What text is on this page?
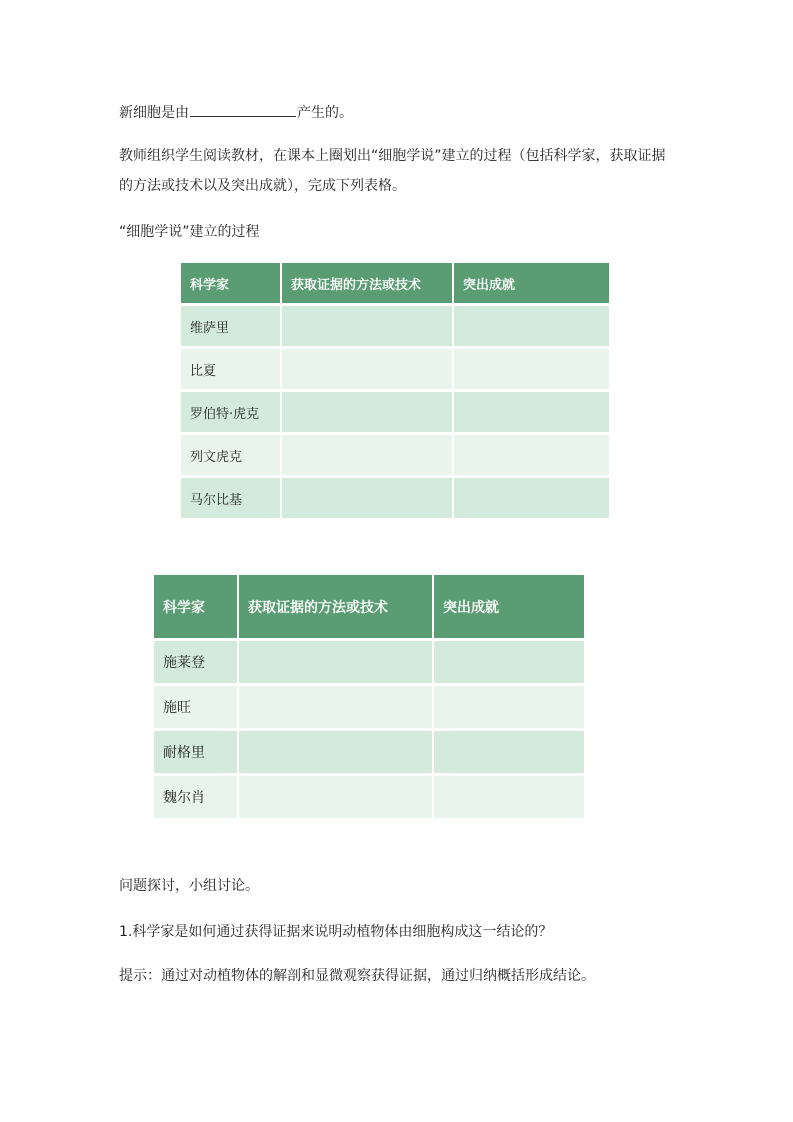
新细胞是由	产生的。
教师组织学生阅读教材，在课本上圈划出“细胞学说”建立的过程（包括科学家，获取证据
的方法或技术以及突出成就），完成下列表格。
“细胞学说”建立的过程
科学家	获取证据的方法或技术	突出成就
维萨里		
比夏		
罗伯特·虎克		
列文虎克		
马尔比基		
科学家	获取证据的方法或技术	突出成就
施莱登		
施旺		
耐格里		
魏尔肖		
问题探讨，小组讨论。
1.科学家是如何通过获得证据来说明动植物体由细胞构成这一结论的？
提示：通过对动植物体的解剖和显微观察获得证据，通过归纳概括形成结论。
